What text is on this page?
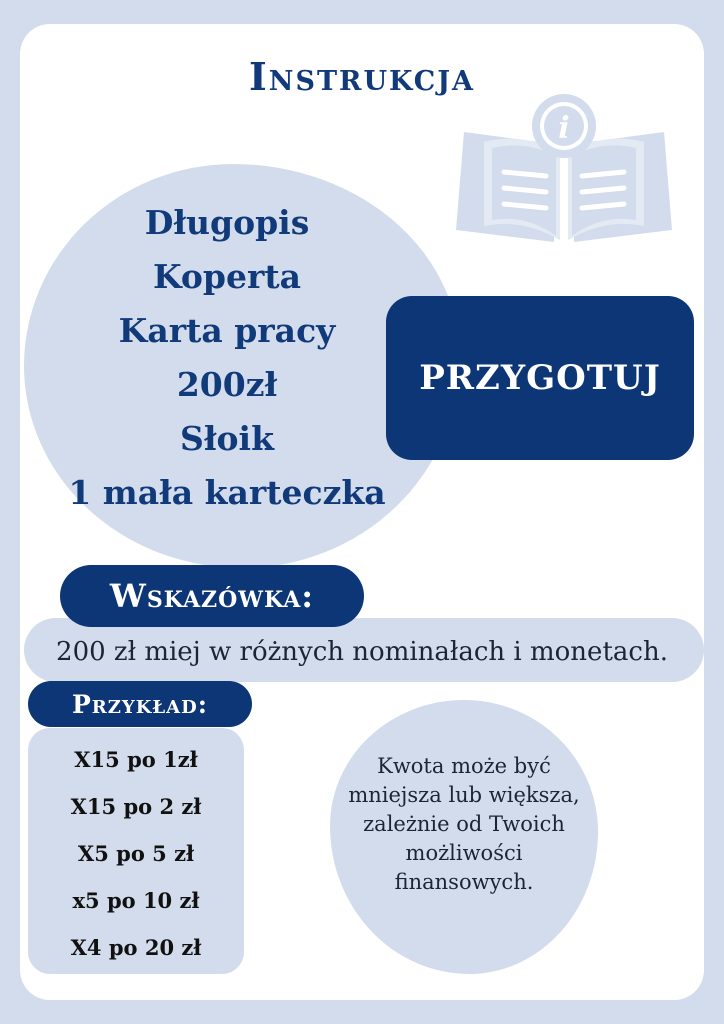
Instrukcja
i
Długopis
Koperta
Karta pracy
200zł
Słoik
1 mała karteczka
PRZYGOTUJ
200 zł miej w różnych nominałach i monetach.
Wskazówka:
Przykład:
X15 po 1zł
X15 po 2 zł
X5 po 5 zł
x5 po 10 zł
X4 po 20 zł
Kwota może być
mniejsza lub większa,
zależnie od Twoich
możliwości
finansowych.
